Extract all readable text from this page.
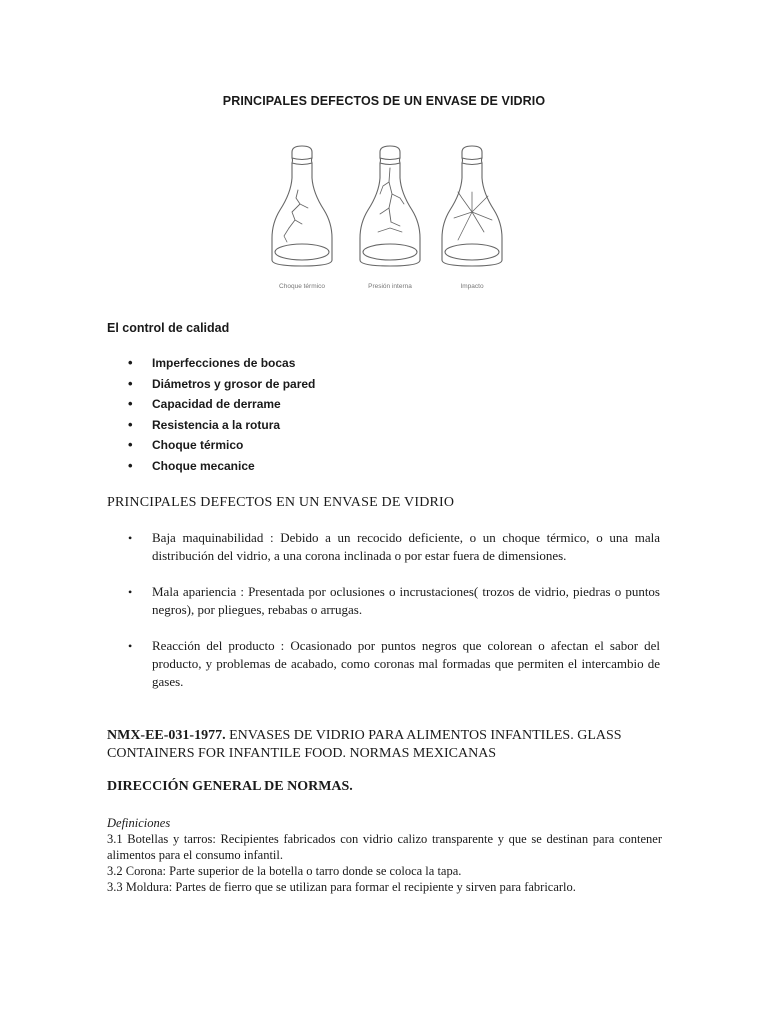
PRINCIPALES DEFECTOS DE UN ENVASE DE VIDRIO
Choque térmico	Presión interna	Impacto
El control de calidad
• Imperfecciones de bocas
• Diámetros y grosor de pared
• Capacidad de derrame
• Resistencia a la rotura
• Choque térmico
• Choque mecanice
PRINCIPALES DEFECTOS EN UN ENVASE DE VIDRIO
• Baja maquinabilidad : Debido a un recocido deficiente, o un choque térmico, o una mala distribución del vidrio, a una corona inclinada o por estar fuera de dimensiones.
• Mala apariencia : Presentada por oclusiones o incrustaciones( trozos de vidrio, piedras o puntos negros), por pliegues, rebabas o arrugas.
• Reacción del producto : Ocasionado por puntos negros que colorean o afectan el sabor del producto, y problemas de acabado, como coronas mal formadas que permiten el intercambio de gases.
NMX-EE-031-1977. ENVASES DE VIDRIO PARA ALIMENTOS INFANTILES. GLASS CONTAINERS FOR INFANTILE FOOD. NORMAS MEXICANAS
DIRECCIÓN GENERAL DE NORMAS.

Definiciones

3.1 Botellas y tarros: Recipientes fabricados con vidrio calizo transparente y que se destinan para contener alimentos para el consumo infantil.

3.2 Corona: Parte superior de la botella o tarro donde se coloca la tapa.

3.3 Moldura: Partes de fierro que se utilizan para formar el recipiente y sirven para fabricarlo.
